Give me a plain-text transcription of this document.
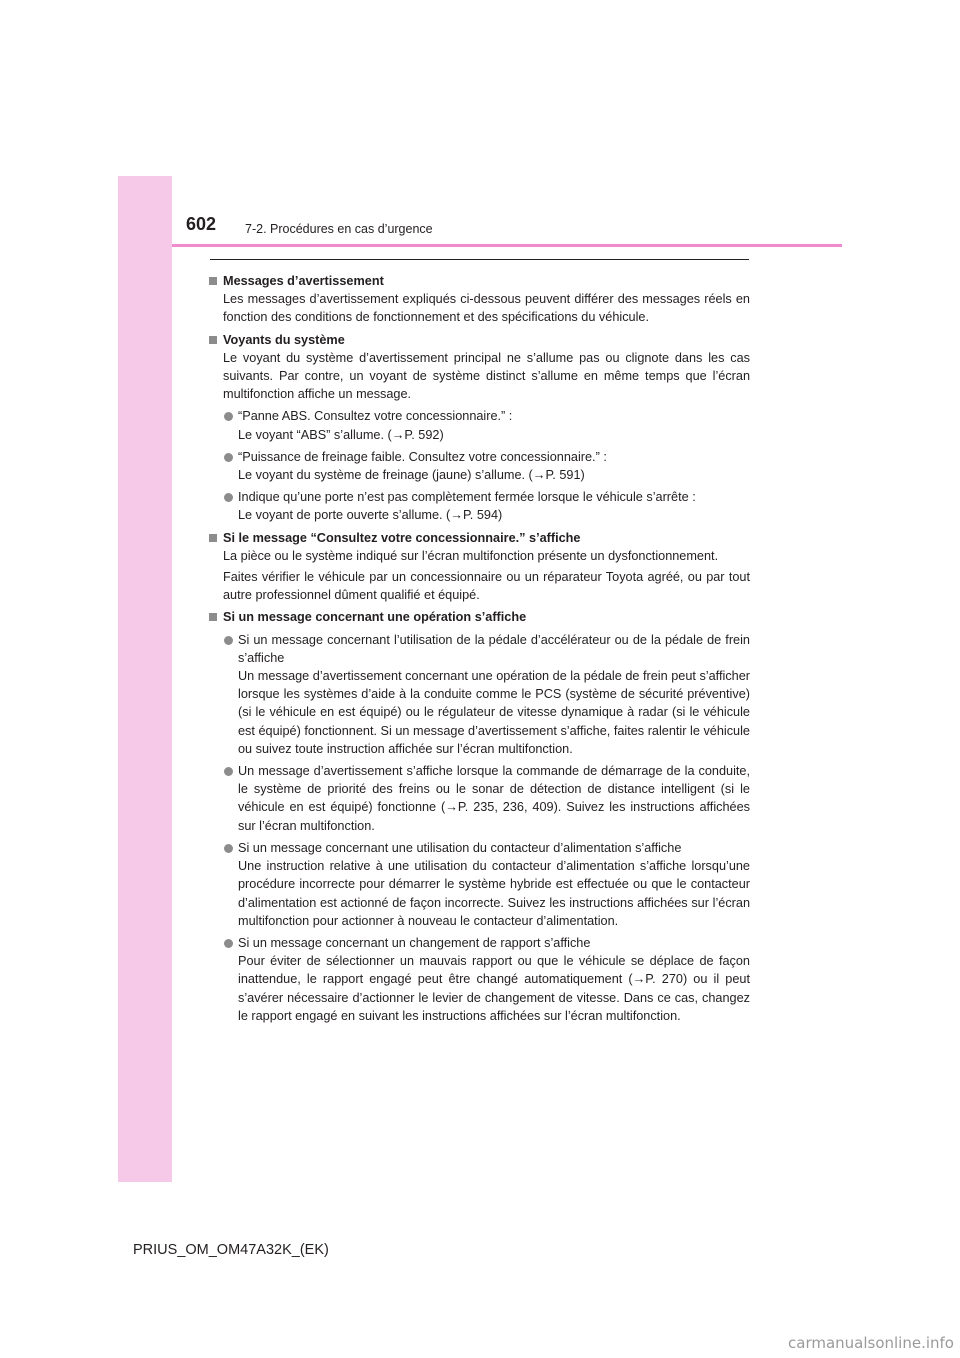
602 7-2. Procédures en cas d’urgence
Messages d’avertissement
Les messages d’avertissement expliqués ci-dessous peuvent différer des messages réels en fonction des conditions de fonctionnement et des spécifications du véhicule.
Voyants du système
Le voyant du système d’avertissement principal ne s’allume pas ou clignote dans les cas suivants. Par contre, un voyant de système distinct s’allume en même temps que l’écran multifonction affiche un message.
“Panne ABS. Consultez votre concessionnaire.” :
Le voyant “ABS” s’allume. (→P. 592)
“Puissance de freinage faible. Consultez votre concessionnaire.” :
Le voyant du système de freinage (jaune) s’allume. (→P. 591)
Indique qu’une porte n’est pas complètement fermée lorsque le véhicule s’arrête :
Le voyant de porte ouverte s’allume. (→P. 594)
Si le message “Consultez votre concessionnaire.” s’affiche
La pièce ou le système indiqué sur l’écran multifonction présente un dysfonctionnement.
Faites vérifier le véhicule par un concessionnaire ou un réparateur Toyota agréé, ou par tout autre professionnel dûment qualifié et équipé.
Si un message concernant une opération s’affiche
Si un message concernant l’utilisation de la pédale d’accélérateur ou de la pédale de frein s’affiche
Un message d’avertissement concernant une opération de la pédale de frein peut s’afficher lorsque les systèmes d’aide à la conduite comme le PCS (système de sécurité préventive) (si le véhicule en est équipé) ou le régulateur de vitesse dynamique à radar (si le véhicule est équipé) fonctionnent. Si un message d’avertissement s’affiche, faites ralentir le véhicule ou suivez toute instruction affichée sur l’écran multifonction.
Un message d’avertissement s’affiche lorsque la commande de démarrage de la conduite, le système de priorité des freins ou le sonar de détection de distance intelligent (si le véhicule en est équipé) fonctionne (→P. 235, 236, 409). Suivez les instructions affichées sur l’écran multifonction.
Si un message concernant une utilisation du contacteur d’alimentation s’affiche
Une instruction relative à une utilisation du contacteur d’alimentation s’affiche lorsqu’une procédure incorrecte pour démarrer le système hybride est effectuée ou que le contacteur d’alimentation est actionné de façon incorrecte. Suivez les instructions affichées sur l’écran multifonction pour actionner à nouveau le contacteur d’alimentation.
Si un message concernant un changement de rapport s’affiche
Pour éviter de sélectionner un mauvais rapport ou que le véhicule se déplace de façon inattendue, le rapport engagé peut être changé automatiquement (→P. 270) ou il peut s’avérer nécessaire d’actionner le levier de changement de vitesse. Dans ce cas, changez le rapport engagé en suivant les instructions affichées sur l’écran multifonction.
PRIUS_OM_OM47A32K_(EK)
carmanualsonline.info
